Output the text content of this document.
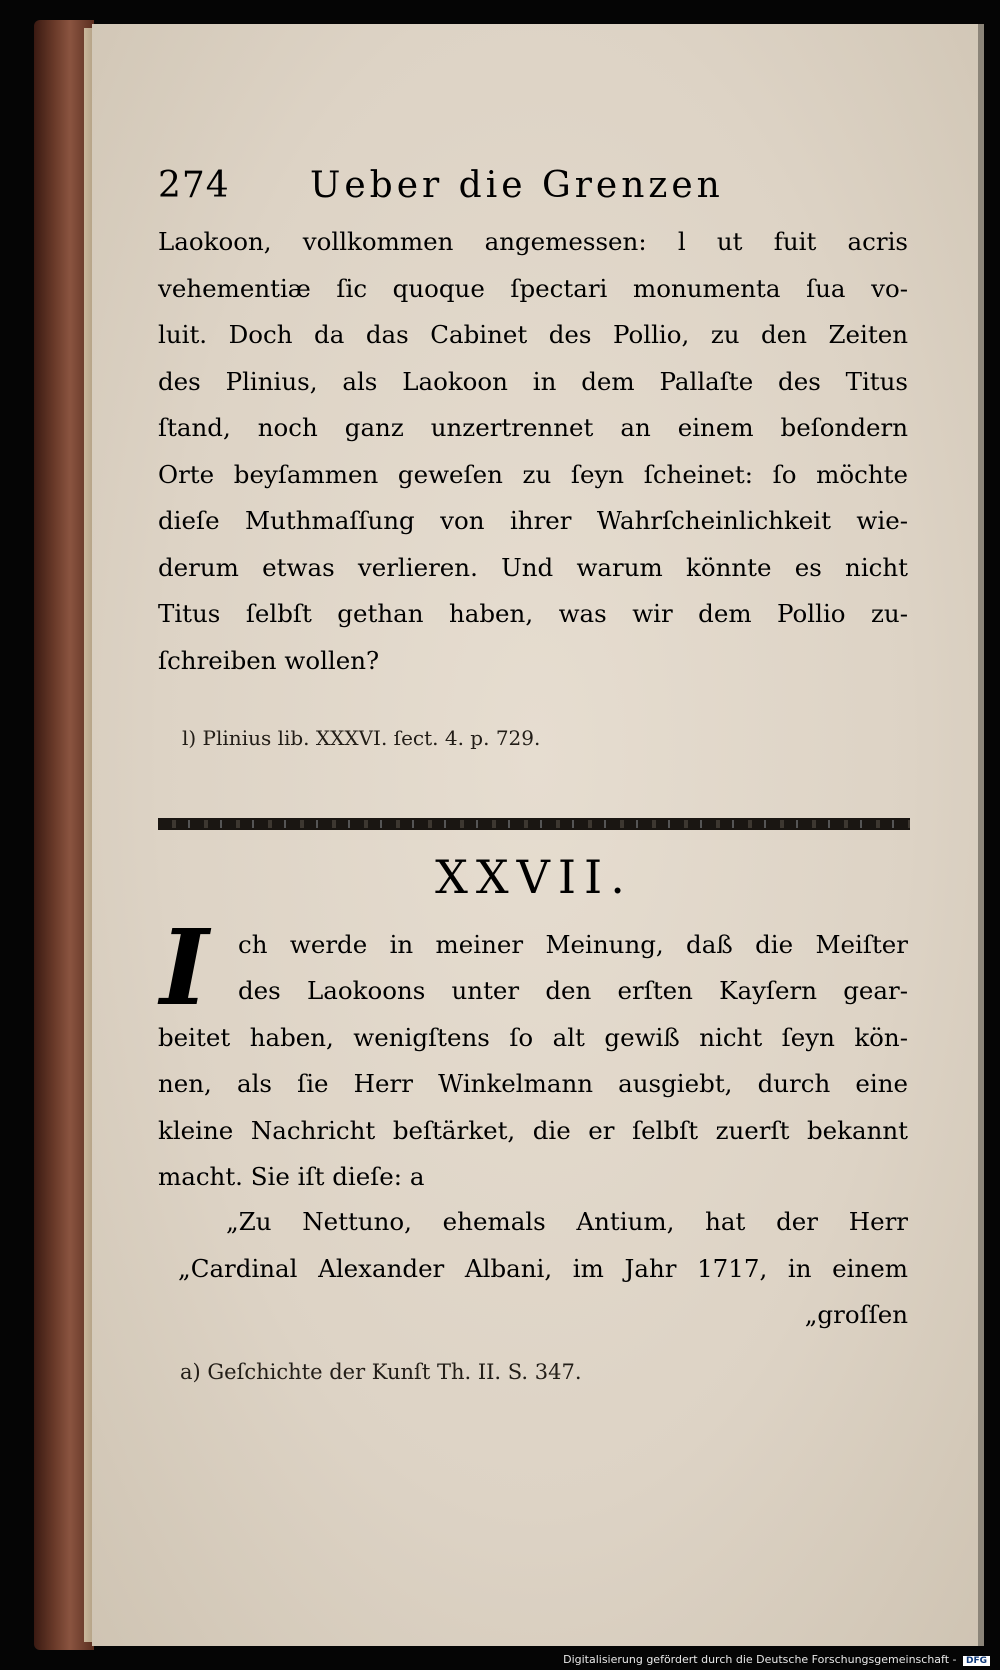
274 Ueber die Grenzen
Laokoon, vollkommen angemessen: l ut fuit acris
vehementiæ ſic quoque ſpectari monumenta ſua vo-
luit. Doch da das Cabinet des Pollio, zu den Zeiten
des Plinius, als Laokoon in dem Pallaſte des Titus
ſtand, noch ganz unzertrennet an einem beſondern
Orte beyſammen geweſen zu ſeyn ſcheinet: ſo möchte
dieſe Muthmaſſung von ihrer Wahrſcheinlichkeit wie-
derum etwas verlieren. Und warum könnte es nicht
Titus ſelbſt gethan haben, was wir dem Pollio zu-
ſchreiben wollen?
l) Plinius lib. XXXVI. ſect. 4. p. 729.
XXVII.
I ch werde in meiner Meinung, daß die Meiſter
des Laokoons unter den erſten Kayſern gear-
beitet haben, wenigſtens ſo alt gewiß nicht ſeyn kön-
nen, als ſie Herr Winkelmann ausgiebt, durch eine
kleine Nachricht beſtärket, die er ſelbſt zuerſt bekannt
macht. Sie iſt dieſe: a
„Zu Nettuno, ehemals Antium, hat der Herr
„Cardinal Alexander Albani, im Jahr 1717, in einem
„groſſen
a) Geſchichte der Kunſt Th. II. S. 347.
Digitalisierung gefördert durch die Deutsche Forschungsgemeinschaft - DFG
